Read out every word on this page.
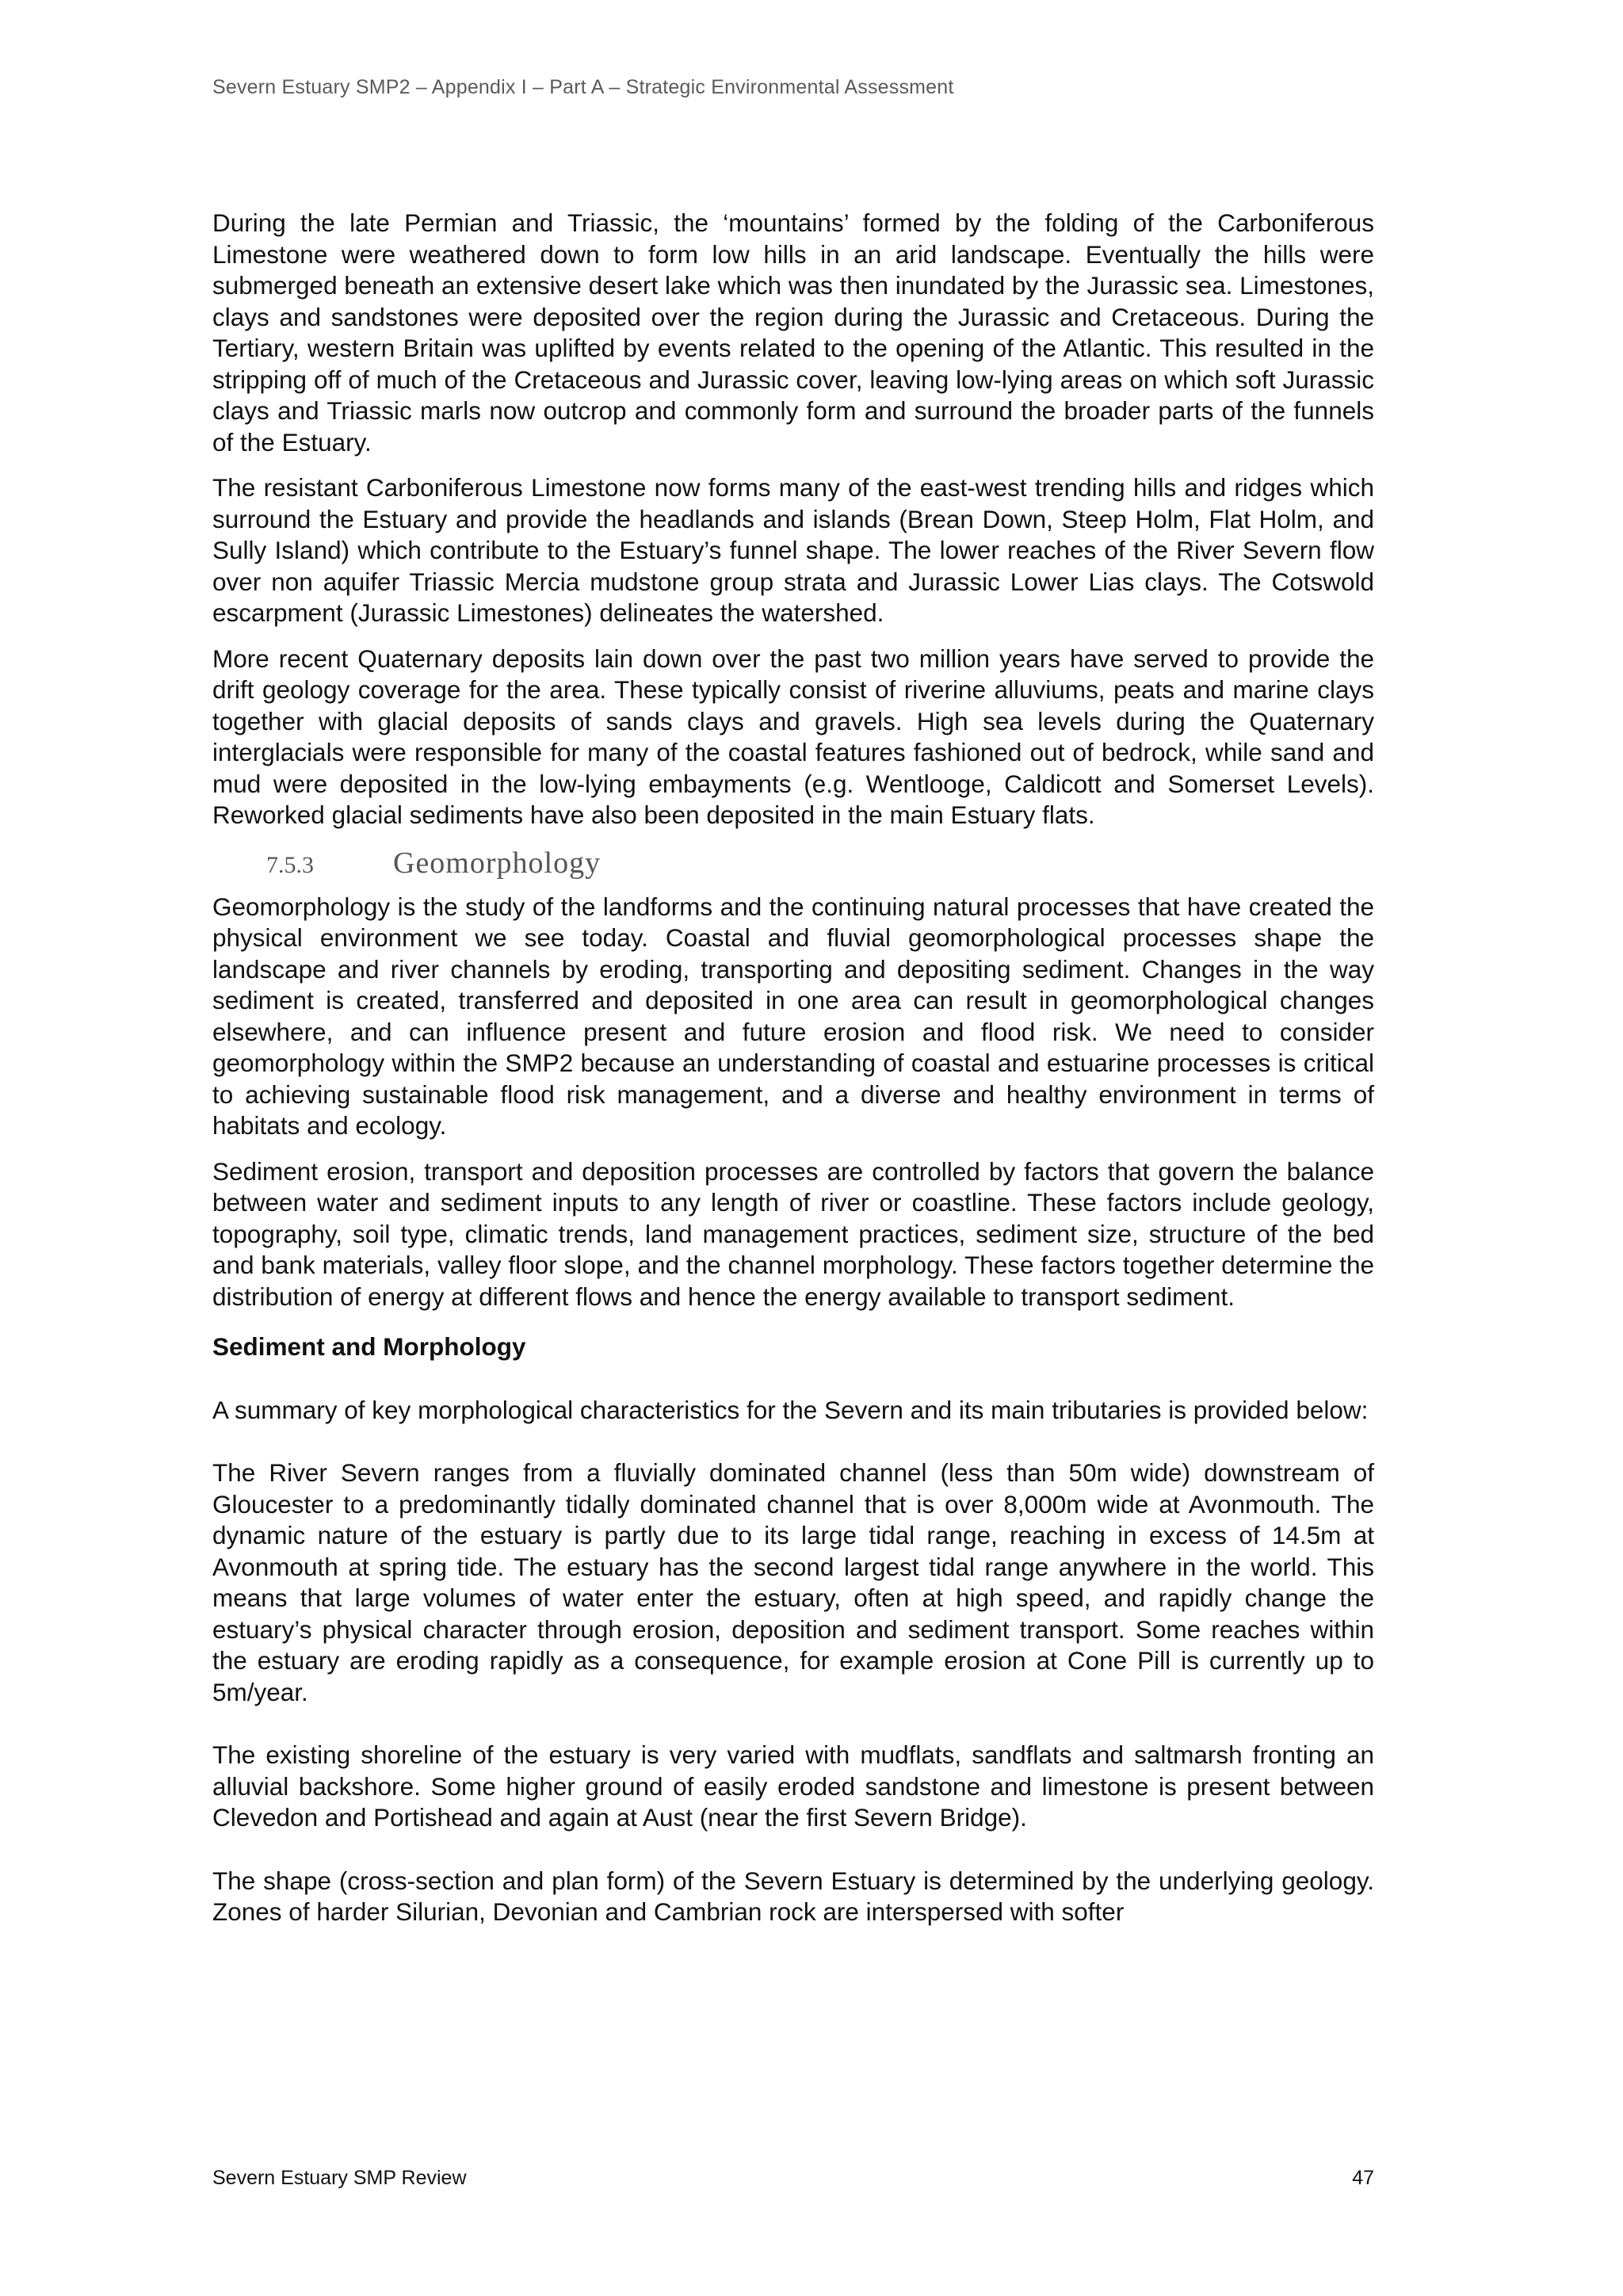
Severn Estuary SMP2 – Appendix I – Part A – Strategic Environmental Assessment

During the late Permian and Triassic, the ‘mountains’ formed by the folding of the Carboniferous Limestone were weathered down to form low hills in an arid landscape. Eventually the hills were submerged beneath an extensive desert lake which was then inundated by the Jurassic sea. Limestones, clays and sandstones were deposited over the region during the Jurassic and Cretaceous. During the Tertiary, western Britain was uplifted by events related to the opening of the Atlantic. This resulted in the stripping off of much of the Cretaceous and Jurassic cover, leaving low-lying areas on which soft Jurassic clays and Triassic marls now outcrop and commonly form and surround the broader parts of the funnels of the Estuary.

The resistant Carboniferous Limestone now forms many of the east-west trending hills and ridges which surround the Estuary and provide the headlands and islands (Brean Down, Steep Holm, Flat Holm, and Sully Island) which contribute to the Estuary’s funnel shape. The lower reaches of the River Severn flow over non aquifer Triassic Mercia mudstone group strata and Jurassic Lower Lias clays. The Cotswold escarpment (Jurassic Limestones) delineates the watershed.

More recent Quaternary deposits lain down over the past two million years have served to provide the drift geology coverage for the area. These typically consist of riverine alluviums, peats and marine clays together with glacial deposits of sands clays and gravels. High sea levels during the Quaternary interglacials were responsible for many of the coastal features fashioned out of bedrock, while sand and mud were deposited in the low-lying embayments (e.g. Wentlooge, Caldicott and Somerset Levels). Reworked glacial sediments have also been deposited in the main Estuary flats.

7.5.3	Geomorphology

Geomorphology is the study of the landforms and the continuing natural processes that have created the physical environment we see today. Coastal and fluvial geomorphological processes shape the landscape and river channels by eroding, transporting and depositing sediment. Changes in the way sediment is created, transferred and deposited in one area can result in geomorphological changes elsewhere, and can influence present and future erosion and flood risk. We need to consider geomorphology within the SMP2 because an understanding of coastal and estuarine processes is critical to achieving sustainable flood risk management, and a diverse and healthy environment in terms of habitats and ecology.

Sediment erosion, transport and deposition processes are controlled by factors that govern the balance between water and sediment inputs to any length of river or coastline. These factors include geology, topography, soil type, climatic trends, land management practices, sediment size, structure of the bed and bank materials, valley floor slope, and the channel morphology. These factors together determine the distribution of energy at different flows and hence the energy available to transport sediment.

Sediment and Morphology

A summary of key morphological characteristics for the Severn and its main tributaries is provided below:

The River Severn ranges from a fluvially dominated channel (less than 50m wide) downstream of Gloucester to a predominantly tidally dominated channel that is over 8,000m wide at Avonmouth. The dynamic nature of the estuary is partly due to its large tidal range, reaching in excess of 14.5m at Avonmouth at spring tide. The estuary has the second largest tidal range anywhere in the world. This means that large volumes of water enter the estuary, often at high speed, and rapidly change the estuary’s physical character through erosion, deposition and sediment transport. Some reaches within the estuary are eroding rapidly as a consequence, for example erosion at Cone Pill is currently up to 5m/year.

The existing shoreline of the estuary is very varied with mudflats, sandflats and saltmarsh fronting an alluvial backshore. Some higher ground of easily eroded sandstone and limestone is present between Clevedon and Portishead and again at Aust (near the first Severn Bridge).

The shape (cross-section and plan form) of the Severn Estuary is determined by the underlying geology. Zones of harder Silurian, Devonian and Cambrian rock are interspersed with softer

Severn Estuary SMP Review	47
